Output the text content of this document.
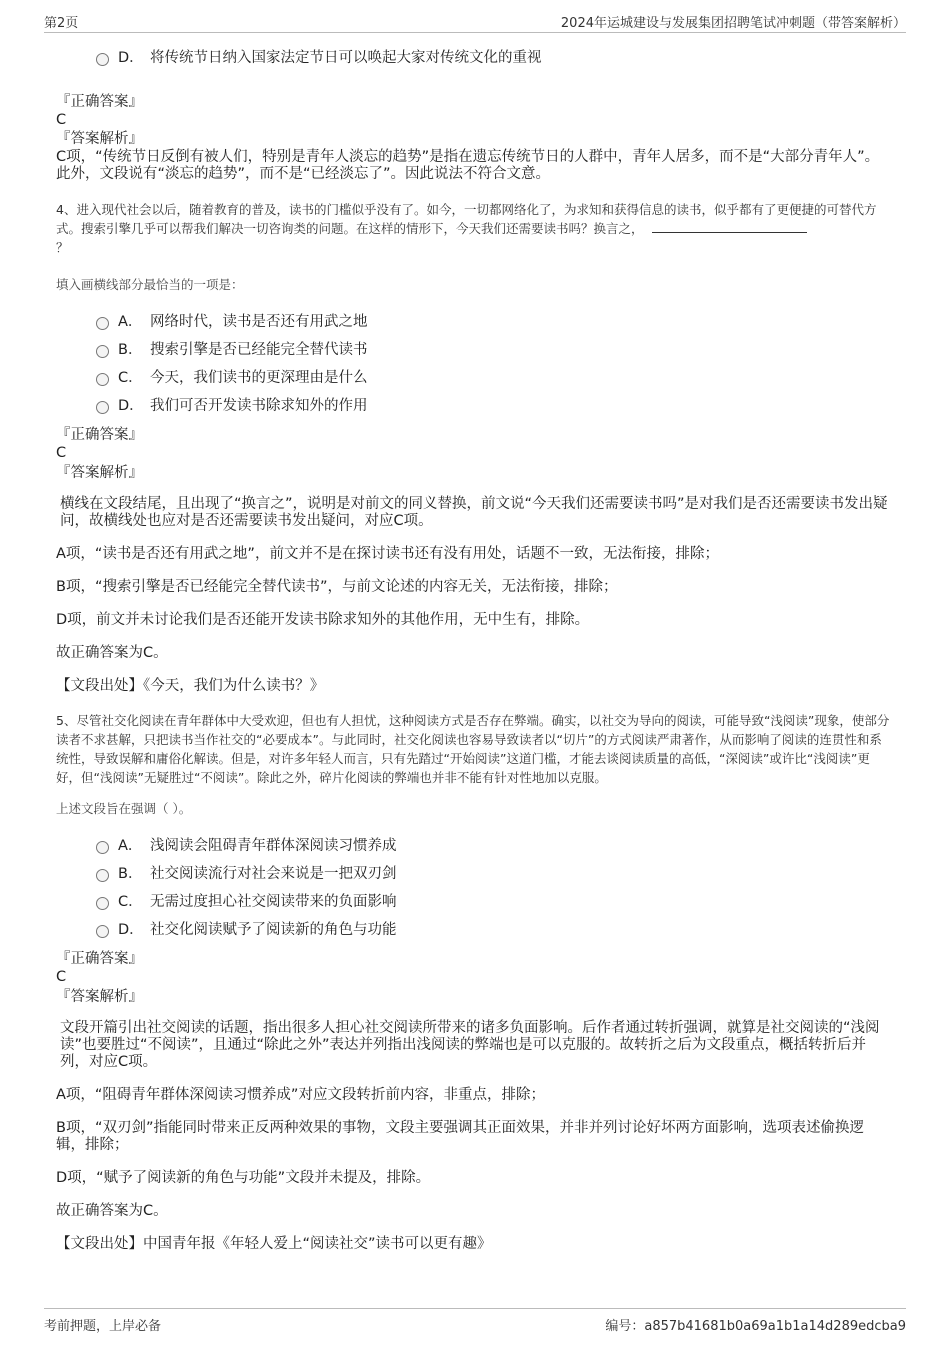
第2页	2024年运城建设与发展集团招聘笔试冲刺题（带答案解析）
D． 将传统节日纳入国家法定节日可以唤起大家对传统文化的重视
『正确答案』
C
『答案解析』

C项，“传统节日反倒有被人们，特别是青年人淡忘的趋势”是指在遗忘传统节日的人群中，青年人居多，而不是“大部分青年人”。此外，文段说有“淡忘的趋势”，而不是“已经淡忘了”。因此说法不符合文意。

4、进入现代社会以后，随着教育的普及，读书的门槛似乎没有了。如今，一切都网络化了，为求知和获得信息的读书，似乎都有了更便捷的可替代方式。搜索引擎几乎可以帮我们解决一切咨询类的问题。在这样的情形下，今天我们还需要读书吗？换言之，
？

填入画横线部分最恰当的一项是：

A． 网络时代，读书是否还有用武之地
B． 搜索引擎是否已经能完全替代读书
C． 今天，我们读书的更深理由是什么
D． 我们可否开发读书除求知外的作用
『正确答案』
C
『答案解析』

横线在文段结尾，且出现了“换言之”，说明是对前文的同义替换，前文说“今天我们还需要读书吗”是对我们是否还需要读书发出疑问，故横线处也应对是否还需要读书发出疑问，对应C项。

A项，“读书是否还有用武之地”，前文并不是在探讨读书还有没有用处，话题不一致，无法衔接，排除；

B项，“搜索引擎是否已经能完全替代读书”，与前文论述的内容无关，无法衔接，排除；

D项，前文并未讨论我们是否还能开发读书除求知外的其他作用，无中生有，排除。

故正确答案为C。

【文段出处】《今天，我们为什么读书？》

5、尽管社交化阅读在青年群体中大受欢迎，但也有人担忧，这种阅读方式是否存在弊端。确实，以社交为导向的阅读，可能导致“浅阅读”现象，使部分读者不求甚解，只把读书当作社交的“必要成本”。与此同时，社交化阅读也容易导致读者以“切片”的方式阅读严肃著作，从而影响了阅读的连贯性和系统性，导致误解和庸俗化解读。但是，对许多年轻人而言，只有先踏过“开始阅读”这道门槛，才能去谈阅读质量的高低，“深阅读”或许比“浅阅读”更好，但“浅阅读”无疑胜过“不阅读”。除此之外，碎片化阅读的弊端也并非不能有针对性地加以克服。

上述文段旨在强调（ ）。

A． 浅阅读会阻碍青年群体深阅读习惯养成
B． 社交阅读流行对社会来说是一把双刃剑
C． 无需过度担心社交阅读带来的负面影响
D． 社交化阅读赋予了阅读新的角色与功能
『正确答案』
C
『答案解析』

文段开篇引出社交阅读的话题，指出很多人担心社交阅读所带来的诸多负面影响。后作者通过转折强调，就算是社交阅读的“浅阅读”也要胜过“不阅读”，且通过“除此之外”表达并列指出浅阅读的弊端也是可以克服的。故转折之后为文段重点，概括转折后并列，对应C项。

A项，“阻碍青年群体深阅读习惯养成”对应文段转折前内容，非重点，排除；

B项，“双刃剑”指能同时带来正反两种效果的事物，文段主要强调其正面效果，并非并列讨论好坏两方面影响，选项表述偷换逻辑，排除；

D项，“赋予了阅读新的角色与功能”文段并未提及，排除。

故正确答案为C。

【文段出处】中国青年报《年轻人爱上“阅读社交”读书可以更有趣》

考前押题，上岸必备	编号：a857b41681b0a69a1b1a14d289edcba9
